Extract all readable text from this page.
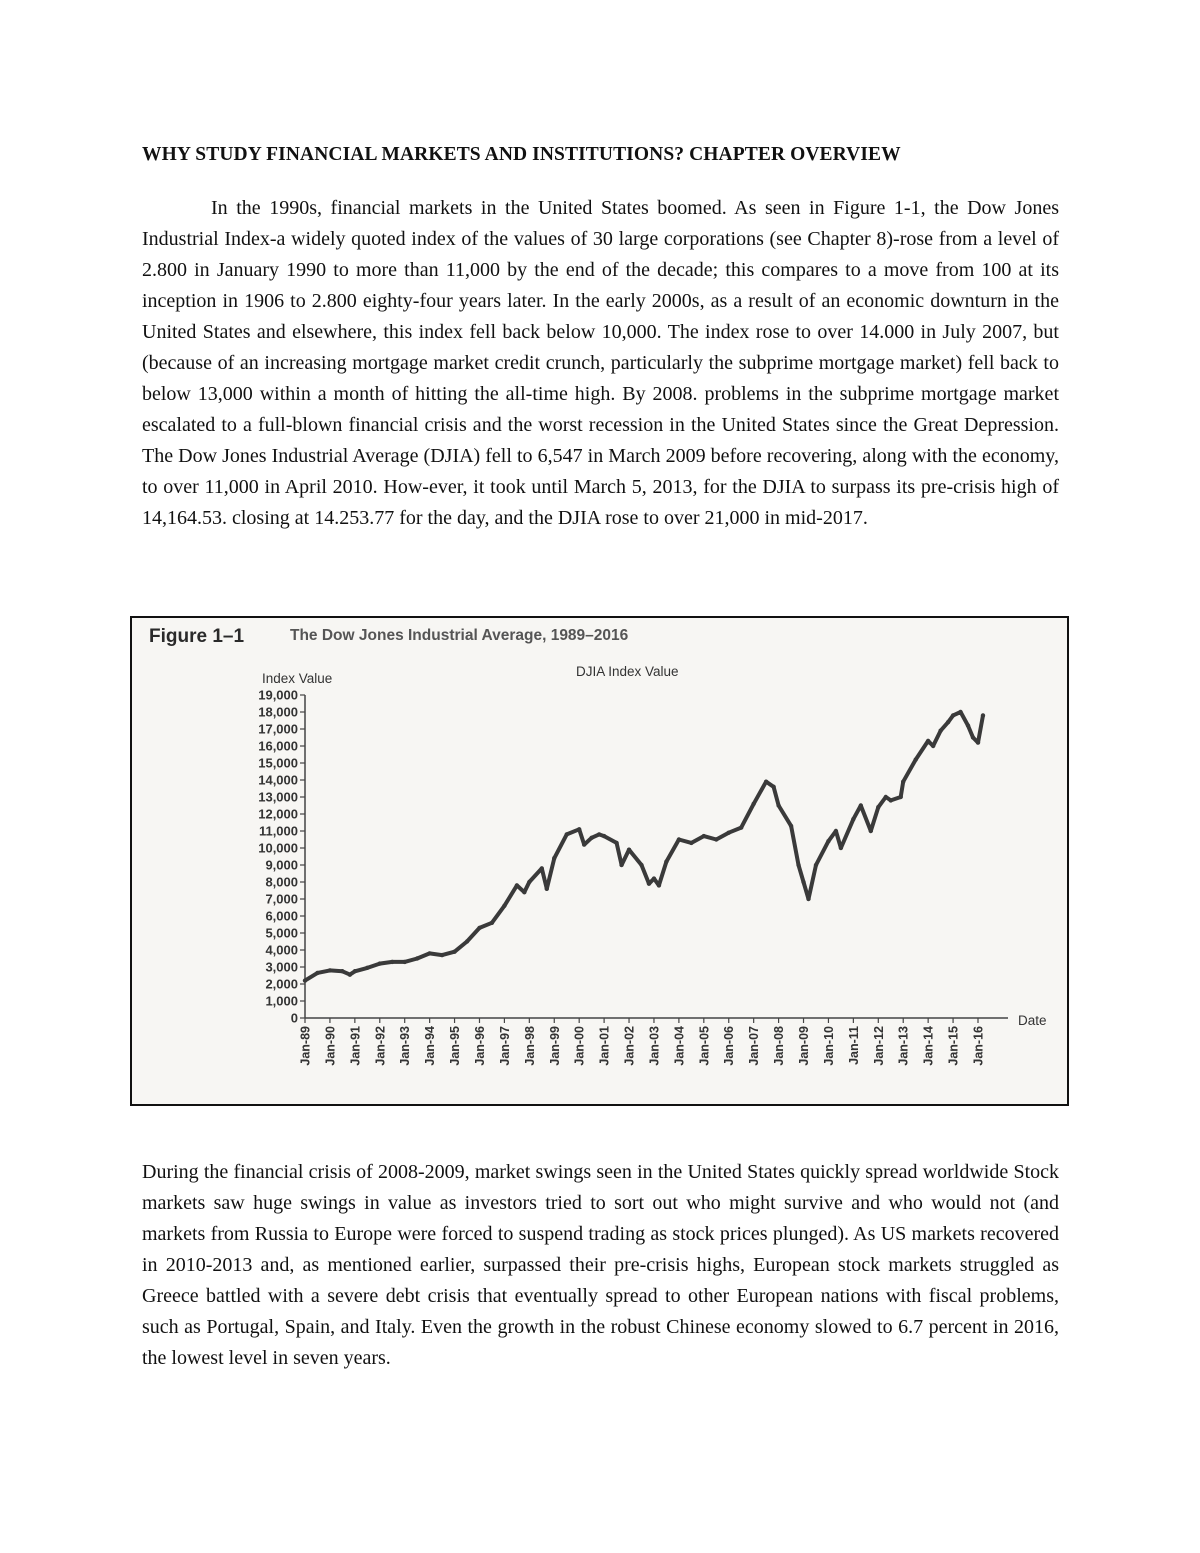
WHY STUDY FINANCIAL MARKETS AND INSTITUTIONS? CHAPTER OVERVIEW

In the 1990s, financial markets in the United States boomed. As seen in Figure 1-1, the Dow Jones Industrial Index-a widely quoted index of the values of 30 large corporations (see Chapter 8)-rose from a level of 2.800 in January 1990 to more than 11,000 by the end of the decade; this compares to a move from 100 at its inception in 1906 to 2.800 eighty-four years later. In the early 2000s, as a result of an economic downturn in the United States and elsewhere, this index fell back below 10,000. The index rose to over 14.000 in July 2007, but (because of an increasing mortgage market credit crunch, particularly the subprime mortgage market) fell back to below 13,000 within a month of hitting the all-time high. By 2008. problems in the subprime mortgage market escalated to a full-blown financial crisis and the worst recession in the United States since the Great Depression. The Dow Jones Industrial Average (DJIA) fell to 6,547 in March 2009 before recovering, along with the economy, to over 11,000 in April 2010. How-ever, it took until March 5, 2013, for the DJIA to surpass its pre-crisis high of 14,164.53. closing at 14.253.77 for the day, and the DJIA rose to over 21,000 in mid-2017.

Figure 1–1	The Dow Jones Industrial Average, 1989–2016
Index Value	DJIA Index Value
Date
0
1,000
2,000
3,000
4,000
5,000
6,000
7,000
8,000
9,000
10,000
11,000
12,000
13,000
14,000
15,000
16,000
17,000
18,000
19,000
Jan-89 Jan-90 Jan-91 Jan-92 Jan-93 Jan-94 Jan-95 Jan-96 Jan-97 Jan-98 Jan-99 Jan-00 Jan-01 Jan-02 Jan-03 Jan-04 Jan-05 Jan-06 Jan-07 Jan-08 Jan-09 Jan-10 Jan-11 Jan-12 Jan-13 Jan-14 Jan-15 Jan-16

During the financial crisis of 2008-2009, market swings seen in the United States quickly spread worldwide Stock markets saw huge swings in value as investors tried to sort out who might survive and who would not (and markets from Russia to Europe were forced to suspend trading as stock prices plunged). As US markets recovered in 2010-2013 and, as mentioned earlier, surpassed their pre-crisis highs, European stock markets struggled as Greece battled with a severe debt crisis that eventually spread to other European nations with fiscal problems, such as Portugal, Spain, and Italy. Even the growth in the robust Chinese economy slowed to 6.7 percent in 2016, the lowest level in seven years.
